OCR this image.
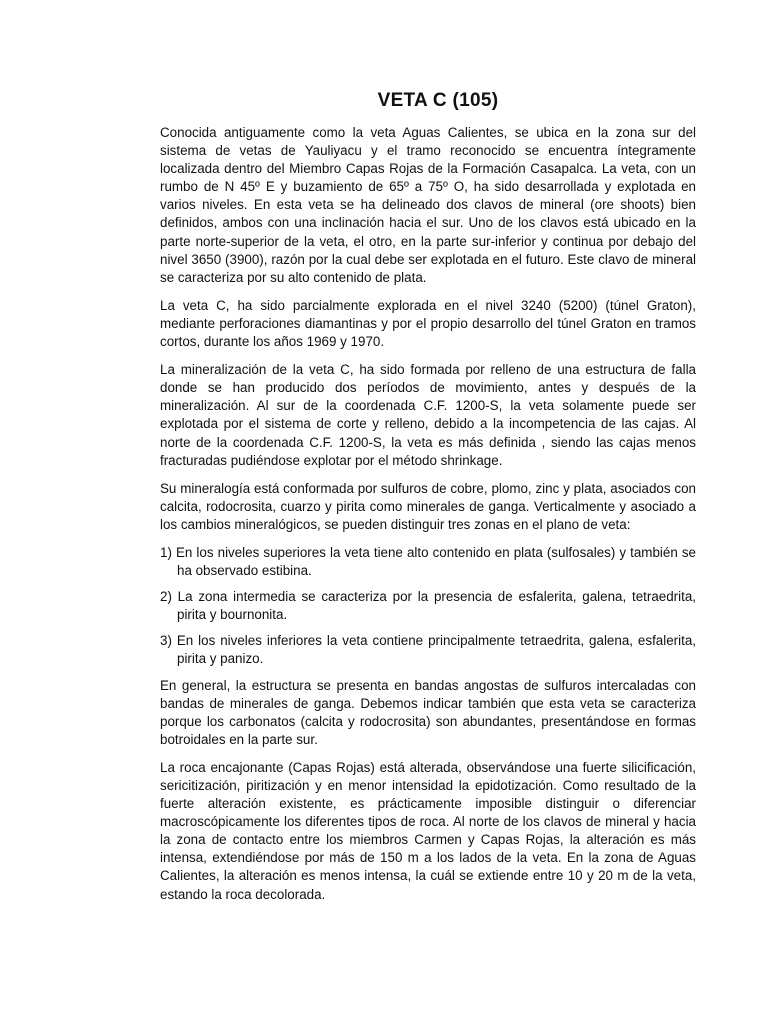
VETA C (105)

Conocida antiguamente como la veta Aguas Calientes, se ubica en la zona sur del sistema de vetas de Yauliyacu y el tramo reconocido se encuentra íntegramente localizada dentro del Miembro Capas Rojas de la Formación Casapalca. La veta, con un rumbo de N 45º E y buzamiento de 65º a 75º O, ha sido desarrollada y explotada en varios niveles. En esta veta se ha delineado dos clavos de mineral (ore shoots) bien definidos, ambos con una inclinación hacia el sur. Uno de los clavos está ubicado en la parte norte-superior de la veta, el otro, en la parte sur-inferior y continua por debajo del nivel 3650 (3900), razón por la cual debe ser explotada en el futuro. Este clavo de mineral se caracteriza por su alto contenido de plata.

La veta C, ha sido parcialmente explorada en el nivel 3240 (5200) (túnel Graton), mediante perforaciones diamantinas y por el propio desarrollo del túnel Graton en tramos cortos, durante los años 1969 y 1970.

La mineralización de la veta C, ha sido formada por relleno de una estructura de falla donde se han producido dos períodos de movimiento, antes y después de la mineralización. Al sur de la coordenada C.F. 1200-S, la veta solamente puede ser explotada por el sistema de corte y relleno, debido a la incompetencia de las cajas. Al norte de la coordenada C.F. 1200-S, la veta es más definida , siendo las cajas menos fracturadas pudiéndose explotar por el método shrinkage.

Su mineralogía está conformada por sulfuros de cobre, plomo, zinc y plata, asociados con calcita, rodocrosita, cuarzo y pirita como minerales de ganga. Verticalmente y asociado a los cambios mineralógicos, se pueden distinguir tres zonas en el plano de veta:

1) En los niveles superiores la veta tiene alto contenido en plata (sulfosales) y también se ha observado estibina.

2) La zona intermedia se caracteriza por la presencia de esfalerita, galena, tetraedrita, pirita y bournonita.

3) En los niveles inferiores la veta contiene principalmente tetraedrita, galena, esfalerita, pirita y panizo.

En general, la estructura se presenta en bandas angostas de sulfuros intercaladas con bandas de minerales de ganga. Debemos indicar también que esta veta se caracteriza porque los carbonatos (calcita y rodocrosita) son abundantes, presentándose en formas botroidales en la parte sur.

La roca encajonante (Capas Rojas) está alterada, observándose una fuerte silicificación, sericitización, piritización y en menor intensidad la epidotización. Como resultado de la fuerte alteración existente, es prácticamente imposible distinguir o diferenciar macroscópicamente los diferentes tipos de roca. Al norte de los clavos de mineral y hacia la zona de contacto entre los miembros Carmen y Capas Rojas, la alteración es más intensa, extendiéndose por más de 150 m a los lados de la veta. En la zona de Aguas Calientes, la alteración es menos intensa, la cuál se extiende entre 10 y 20 m de la veta, estando la roca decolorada.
